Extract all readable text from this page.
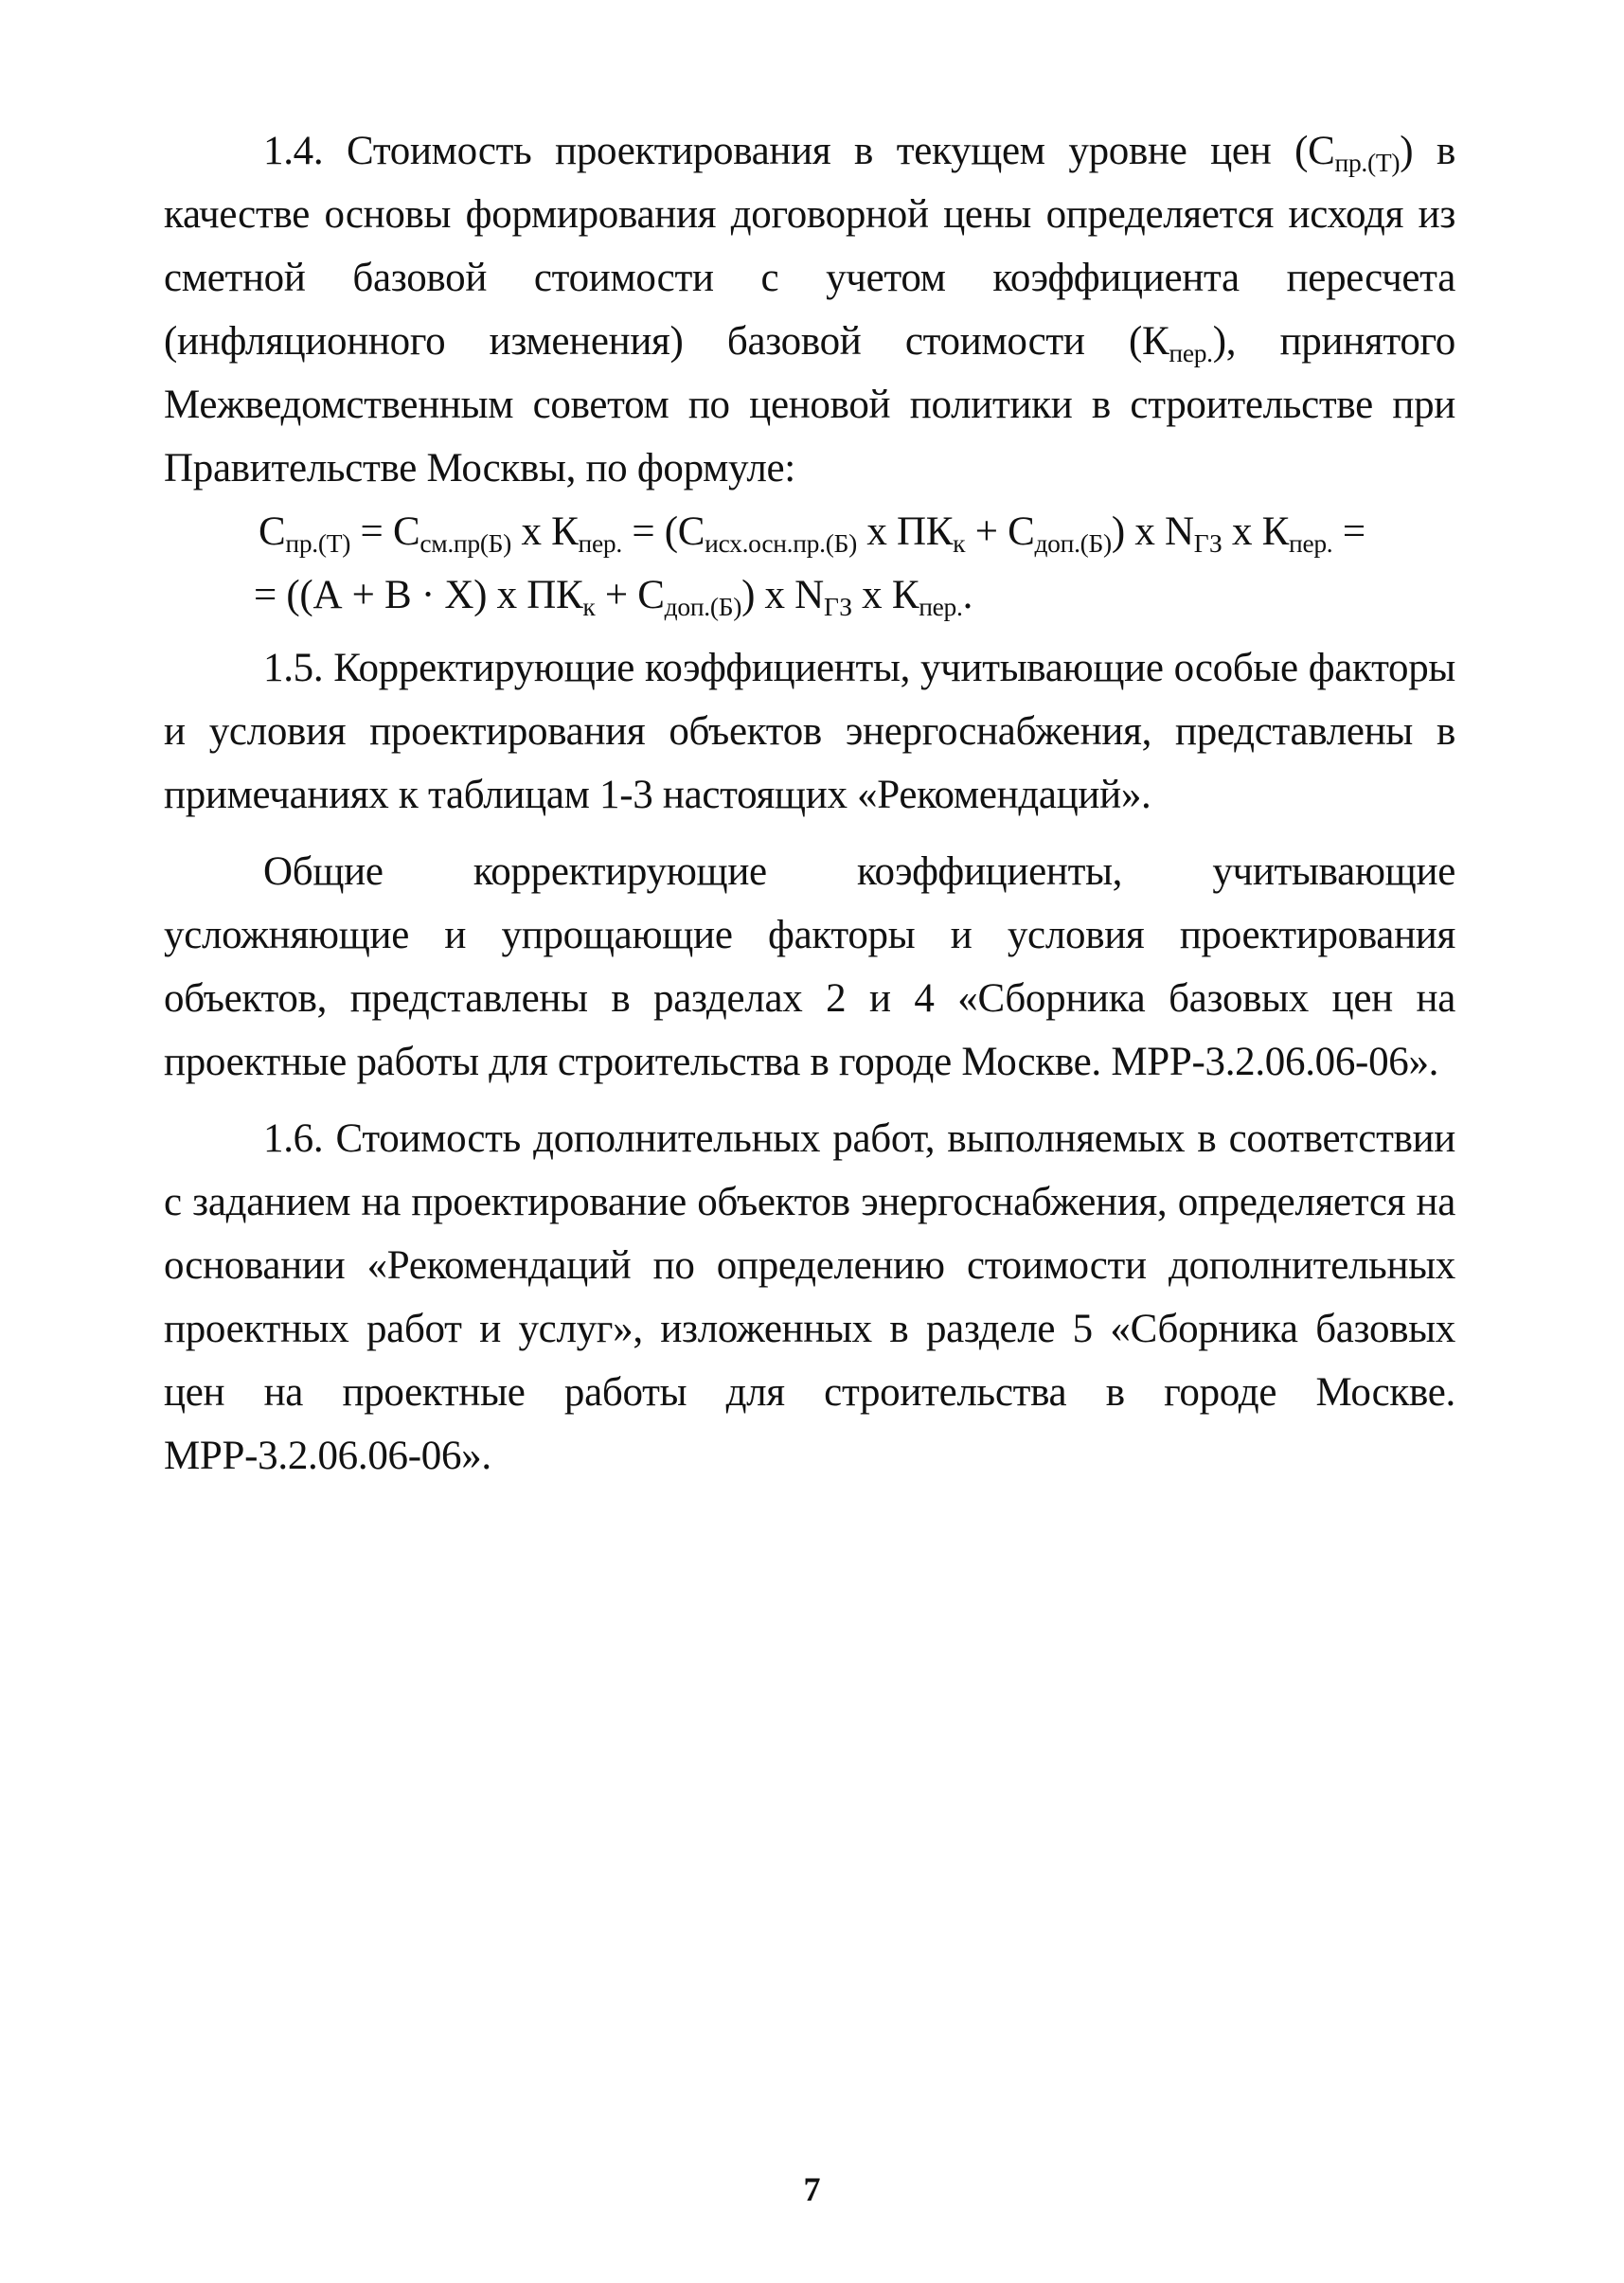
1.4. Стоимость проектирования в текущем уровне цен $(С_{пр.(Т)})$ в качестве основы формирования договорной цены определяется исходя из сметной базовой стоимости с учетом коэффициента пересчета (инфляционного изменения) базовой стоимости $(К_{пер.})$, принятого Межведомственным советом по ценовой политики в строительстве при Правительстве Москвы, по формуле:

$С_{пр.(Т)} = С_{см.пр(Б)}$ х $К_{пер.} = (С_{исх.осн.пр.(Б)}$ х $ПК_к + С_{доп.(Б)}$) х $N_{ГЗ}$ х $К_{пер.}$ =

= ((А + В · Х) х $ПК_к + С_{доп.(Б)}$) х $N_{ГЗ}$ х $К_{пер.}$.

1.5. Корректирующие коэффициенты, учитывающие особые факторы и условия проектирования объектов энергоснабжения, представлены в примечаниях к таблицам 1-3 настоящих «Рекомендаций».

Общие корректирующие коэффициенты, учитывающие усложняющие и упрощающие факторы и условия проектирования объектов, представлены в разделах 2 и 4 «Сборника базовых цен на проектные работы для строительства в городе Москве. МРР-3.2.06.06-06».

1.6. Стоимость дополнительных работ, выполняемых в соответствии с заданием на проектирование объектов энергоснабжения, определяется на основании «Рекомендаций по определению стоимости дополнительных проектных работ и услуг», изложенных в разделе 5 «Сборника базовых цен на проектные работы для строительства в городе Москве. МРР-3.2.06.06-06».

7
